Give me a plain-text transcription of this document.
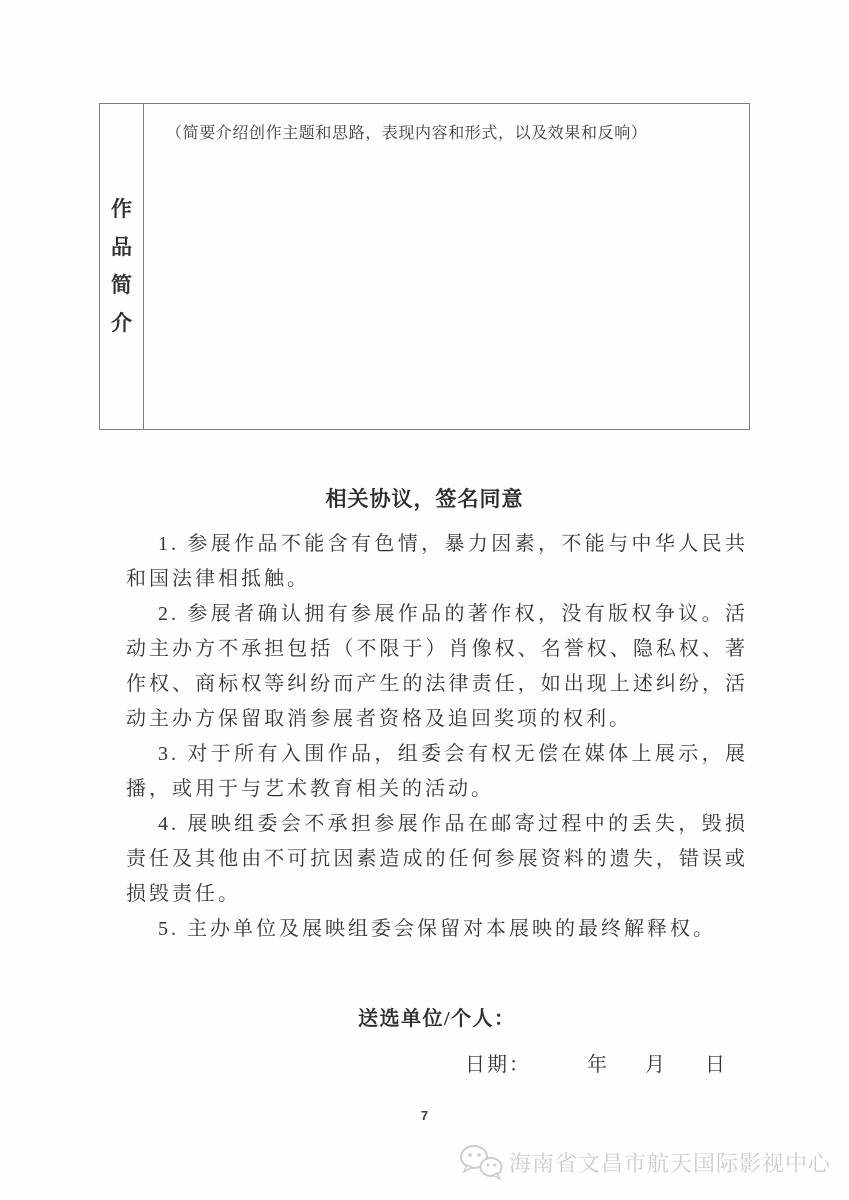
作
品
简
介
（简要介绍创作主题和思路，表现内容和形式，以及效果和反响）
相关协议，签名同意

1. 参展作品不能含有色情，暴力因素，不能与中华人民共和国法律相抵触。

2. 参展者确认拥有参展作品的著作权，没有版权争议。活动主办方不承担包括（不限于）肖像权、名誉权、隐私权、著作权、商标权等纠纷而产生的法律责任，如出现上述纠纷，活动主办方保留取消参展者资格及追回奖项的权利。

3. 对于所有入围作品，组委会有权无偿在媒体上展示，展播，或用于与艺术教育相关的活动。

4. 展映组委会不承担参展作品在邮寄过程中的丢失，毁损责任及其他由不可抗因素造成的任何参展资料的遗失，错误或损毁责任。

5. 主办单位及展映组委会保留对本展映的最终解释权。

送选单位/个人：
日期：	年 月 日
7
海南省文昌市航天国际影视中心
